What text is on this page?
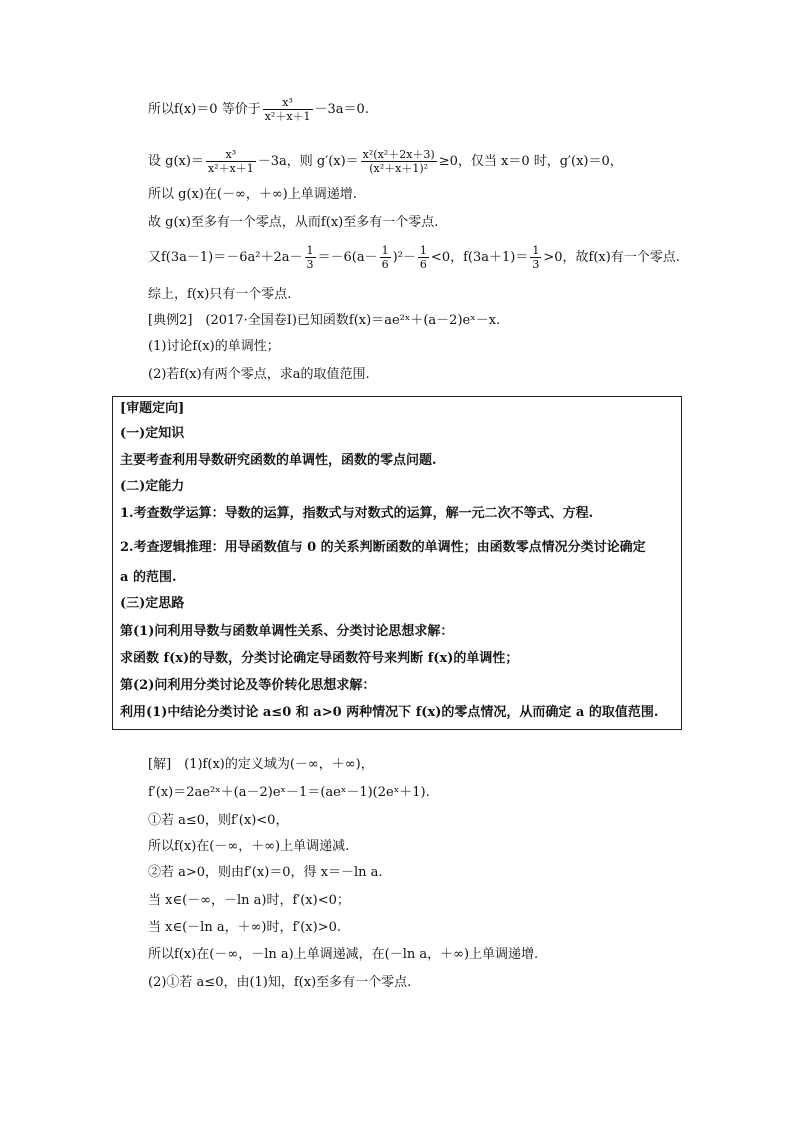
所以f(x)＝0 等价于 $\frac{\text{x³}}{\text{x²＋x＋1}} -3a=0$.
设 $g(x)= \frac{\text{x³}}{\text{x²＋x＋1}} -3a$，则 $g'(x)= \frac{\text{x²(x²＋2x＋3)}}{\text{(x²＋x＋1)²}} \ge 0$，仅当 x＝0 时，g′(x)＝0，
所以 g(x)在(－∞，＋∞)上单调递增.
故 g(x)至多有一个零点，从而f(x)至多有一个零点.
又$f(3a-1)=-6a^2+2a- \frac{1}{3} =-6(a- \frac{1}{6} )^2- \frac{1}{6} <0$，$f(3a+1)= \frac{1}{3} >0$，故f(x)有一个零点.
综上，f(x)只有一个零点.
[典例2]　(2017·全国卷Ⅰ)已知函数f(x)＝ae²ˣ＋(a－2)eˣ－x.
(1)讨论f(x)的单调性；
(2)若f(x)有两个零点，求a的取值范围.
[审题定向]
(一)定知识
主要考查利用导数研究函数的单调性，函数的零点问题.
(二)定能力
1.考查数学运算：导数的运算，指数式与对数式的运算，解一元二次不等式、方程.
2.考查逻辑推理：用导函数值与 0 的关系判断函数的单调性；由函数零点情况分类讨论确定
a 的范围.
(三)定思路
第(1)问利用导数与函数单调性关系、分类讨论思想求解：
求函数 f(x)的导数，分类讨论确定导函数符号来判断 f(x)的单调性；
第(2)问利用分类讨论及等价转化思想求解：
利用(1)中结论分类讨论 a≤0 和 a>0 两种情况下 f(x)的零点情况，从而确定 a 的取值范围.
[解]　(1)f(x)的定义域为(－∞，＋∞)，
f′(x)＝2ae²ˣ＋(a－2)eˣ－1＝(aeˣ－1)(2eˣ＋1).
①若 a≤0，则f′(x)<0，
所以f(x)在(－∞，＋∞)上单调递减.
②若 a>0，则由f′(x)＝0，得 x＝－ln a.
当 x∈(－∞，－ln a)时，f′(x)<0；
当 x∈(－ln a，＋∞)时，f′(x)>0.
所以f(x)在(－∞，－ln a)上单调递减，在(－ln a，＋∞)上单调递增.
(2)①若 a≤0，由(1)知，f(x)至多有一个零点.
